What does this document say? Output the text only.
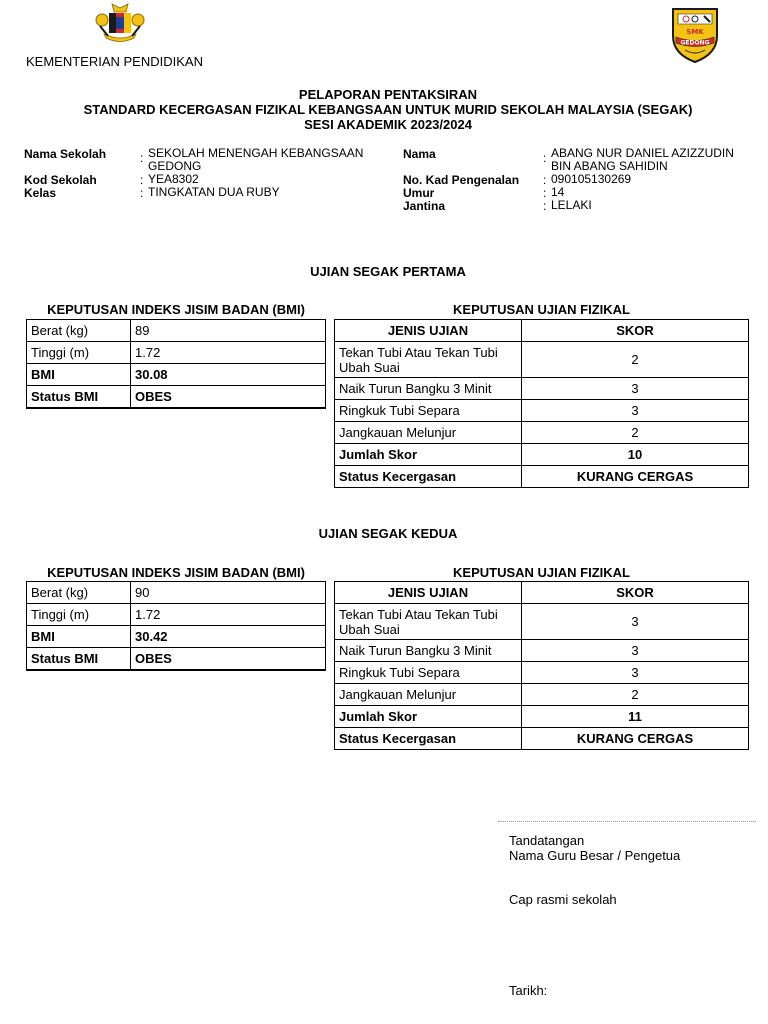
SMK
GEDONG
KEMENTERIAN PENDIDIKAN
PELAPORAN PENTAKSIRAN
STANDARD KECERGASAN FIZIKAL KEBANGSAAN UNTUK MURID SEKOLAH MALAYSIA (SEGAK)
SESI AKADEMIK 2023/2024
Nama Sekolah	: SEKOLAH MENENGAH KEBANGSAAN
GEDONG
Kod Sekolah	: YEA8302
Kelas	: TINGKATAN DUA RUBY
Nama	: ABANG NUR DANIEL AZIZZUDIN
BIN ABANG SAHIDIN
No. Kad Pengenalan : 090105130269
Umur	: 14
Jantina	: LELAKI
UJIAN SEGAK PERTAMA
KEPUTUSAN INDEKS JISIM BADAN (BMI)
Berat (kg)	89
Tinggi (m)	1.72
BMI	30.08
Status BMI	OBES
KEPUTUSAN UJIAN FIZIKAL
JENIS UJIAN	SKOR
Tekan Tubi Atau Tekan Tubi Ubah Suai	2
Naik Turun Bangku 3 Minit	3
Ringkuk Tubi Separa	3
Jangkauan Melunjur	2
Jumlah Skor	10
Status Kecergasan	KURANG CERGAS
UJIAN SEGAK KEDUA
KEPUTUSAN INDEKS JISIM BADAN (BMI)
Berat (kg)	90
Tinggi (m)	1.72
BMI	30.42
Status BMI	OBES
KEPUTUSAN UJIAN FIZIKAL
JENIS UJIAN	SKOR
Tekan Tubi Atau Tekan Tubi Ubah Suai	3
Naik Turun Bangku 3 Minit	3
Ringkuk Tubi Separa	3
Jangkauan Melunjur	2
Jumlah Skor	11
Status Kecergasan	KURANG CERGAS
Tandatangan
Nama Guru Besar / Pengetua
Cap rasmi sekolah
Tarikh:
